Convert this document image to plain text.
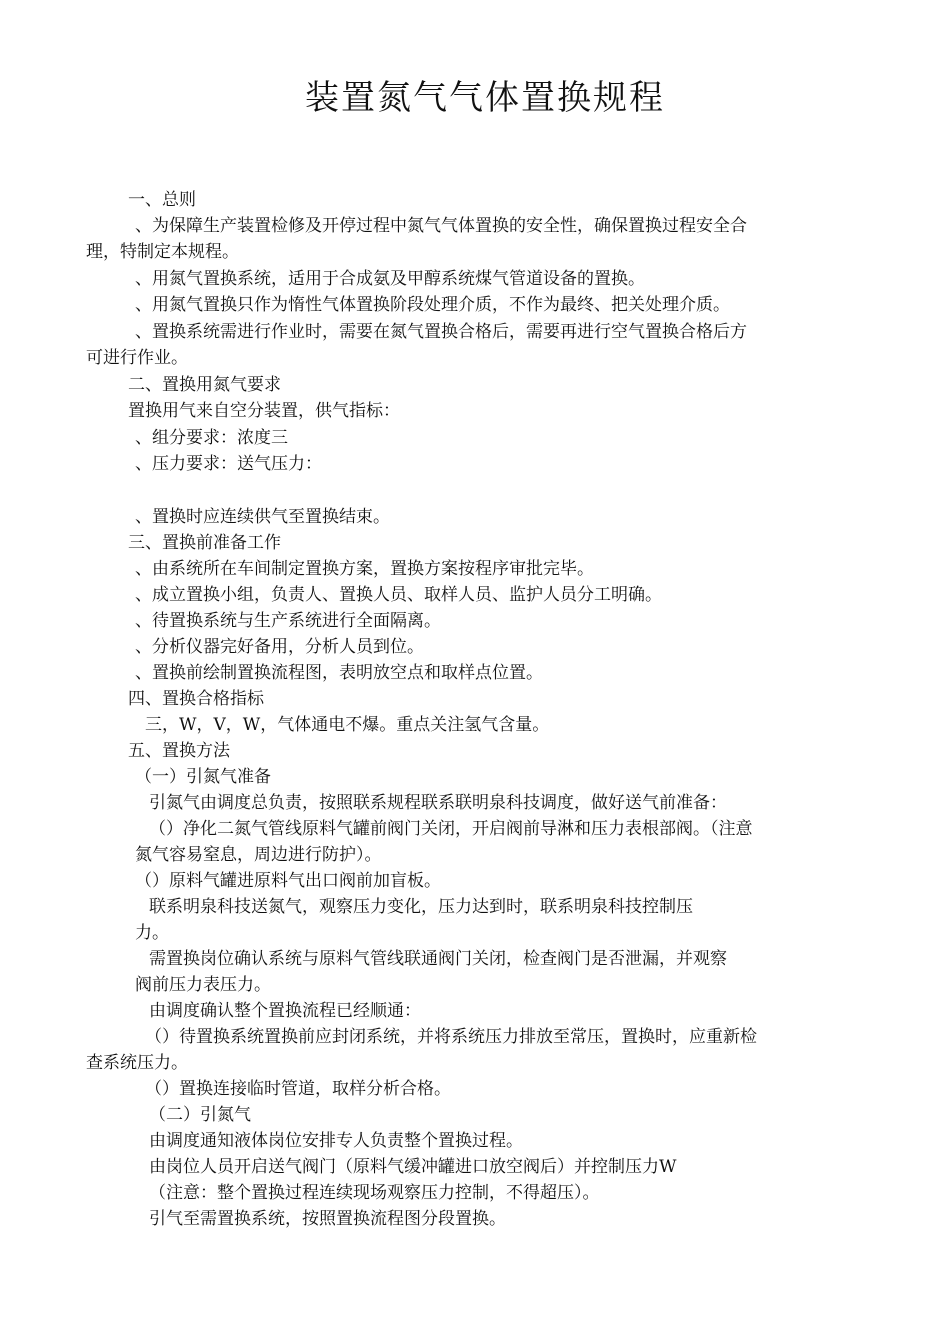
装置氮气气体置换规程
一、总则
、为保障生产装置检修及开停过程中氮气气体置换的安全性，确保置换过程安全合
理，特制定本规程。
、用氮气置换系统，适用于合成氨及甲醇系统煤气管道设备的置换。
、用氮气置换只作为惰性气体置换阶段处理介质，不作为最终、把关处理介质。
、置换系统需进行作业时，需要在氮气置换合格后，需要再进行空气置换合格后方
可进行作业。
二、置换用氮气要求
置换用气来自空分装置，供气指标：
、组分要求：浓度三
、压力要求：送气压力：
、置换时应连续供气至置换结束。
三、置换前准备工作
、由系统所在车间制定置换方案，置换方案按程序审批完毕。
、成立置换小组，负责人、置换人员、取样人员、监护人员分工明确。
、待置换系统与生产系统进行全面隔离。
、分析仪器完好备用，分析人员到位。
、置换前绘制置换流程图，表明放空点和取样点位置。
四、置换合格指标
三，W，V，W，气体通电不爆。重点关注氢气含量。
五、置换方法
（一）引氮气准备
引氮气由调度总负责，按照联系规程联系联明泉科技调度，做好送气前准备：
（）净化二氮气管线原料气罐前阀门关闭，开启阀前导淋和压力表根部阀。（注意
氮气容易窒息，周边进行防护）。
（）原料气罐进原料气出口阀前加盲板。
联系明泉科技送氮气，观察压力变化，压力达到时，联系明泉科技控制压
力。
需置换岗位确认系统与原料气管线联通阀门关闭，检查阀门是否泄漏，并观察
阀前压力表压力。
由调度确认整个置换流程已经顺通：
（）待置换系统置换前应封闭系统，并将系统压力排放至常压，置换时，应重新检
查系统压力。
（）置换连接临时管道，取样分析合格。
（二）引氮气
由调度通知液体岗位安排专人负责整个置换过程。
由岗位人员开启送气阀门（原料气缓冲罐进口放空阀后）并控制压力W
（注意：整个置换过程连续现场观察压力控制，不得超压）。
引气至需置换系统，按照置换流程图分段置换。
